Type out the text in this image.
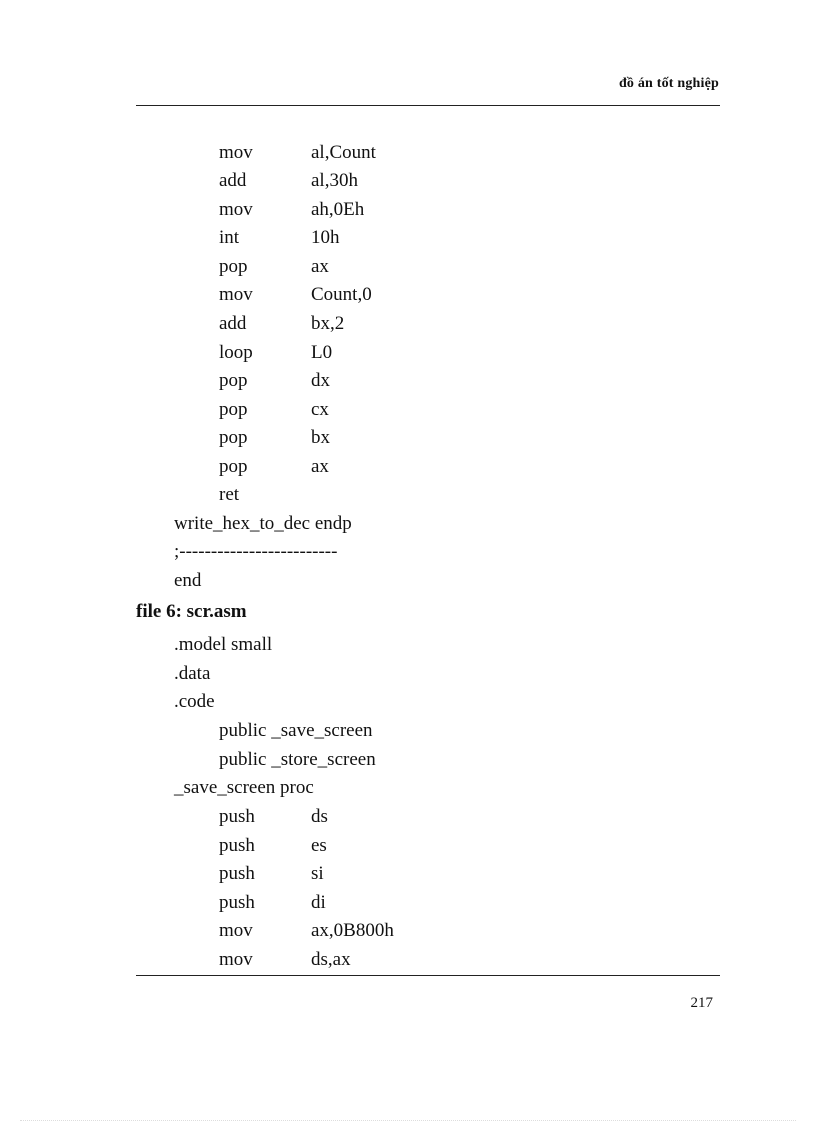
đồ án tốt nghiệp
mov	al,Count
add	al,30h
mov	ah,0Eh
int	10h
pop	ax
mov	Count,0
add	bx,2
loop	L0
pop	dx
pop	cx
pop	bx
pop	ax
ret
write_hex_to_dec endp
;-------------------------
end
file 6: scr.asm
.model small
.data
.code
public _save_screen
public _store_screen
_save_screen proc
push	ds
push	es
push	si
push	di
mov	ax,0B800h
mov	ds,ax
217
